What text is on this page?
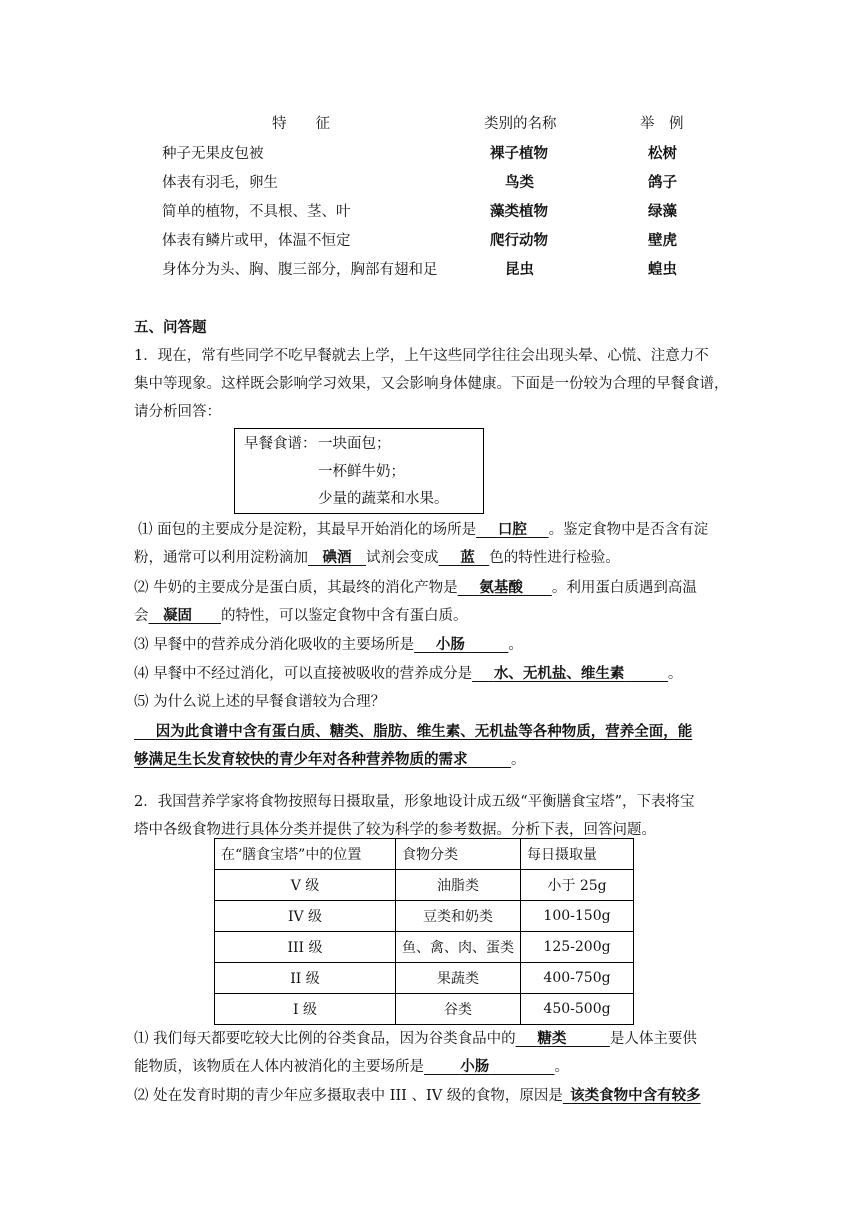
特　　征	类别的名称	举　例
种子无果皮包被	裸子植物	松树
体表有羽毛，卵生	鸟类	鸽子
简单的植物，不具根、茎、叶	藻类植物	绿藻
体表有鳞片或甲，体温不恒定	爬行动物	壁虎
身体分为头、胸、腹三部分，胸部有翅和足	昆虫	蝗虫
五、问答题
1．现在，常有些同学不吃早餐就去上学，上午这些同学往往会出现头晕、心慌、注意力不
集中等现象。这样既会影响学习效果，又会影响身体健康。下面是一份较为合理的早餐食谱，
请分析回答：
早餐食谱： 一块面包；
一杯鲜牛奶；
少量的蔬菜和水果。
⑴ 面包的主要成分是淀粉，其最早开始消化的场所是   口腔   。鉴定食物中是否含有淀
粉，通常可以利用淀粉滴加   碘酒   试剂会变成   蓝  色的特性进行检验。
⑵ 牛奶的主要成分是蛋白质，其最终的消化产物是   氨基酸   。利用蛋白质遇到高温
会  凝固   的特性，可以鉴定食物中含有蛋白质。
⑶ 早餐中的营养成分消化吸收的主要场所是   小肠   	。
⑷ 早餐中不经过消化，可以直接被吸收的营养成分是   水、无机盐、维生素   	。
⑸ 为什么说上述的早餐食谱较为合理？
  因为此食谱中含有蛋白质、糖类、脂肪、维生素、无机盐等各种物质，营养全面，能
够满足生长发育较快的青少年对各种营养物质的需求   	。
2．我国营养学家将食物按照每日摄取量，形象地设计成五级“平衡膳食宝塔”，下表将宝
塔中各级食物进行具体分类并提供了较为科学的参考数据。分析下表，回答问题。
在“膳食宝塔”中的位置	食物分类	每日摄取量
V 级	油脂类	小于 25g
IV 级	豆类和奶类	100-150g
III 级	鱼、禽、肉、蛋类	125-200g
II 级	果蔬类	400-750g
I 级	谷类	450-500g
⑴ 我们每天都要吃较大比例的谷类食品，因为谷类食品中的   糖类   	是人体主要供
能物质，该物质在人体内被消化的主要场所是   	小肠     	。
⑵ 处在发育时期的青少年应多摄取表中 III 、IV 级的食物，原因是  该类食物中含有较多
